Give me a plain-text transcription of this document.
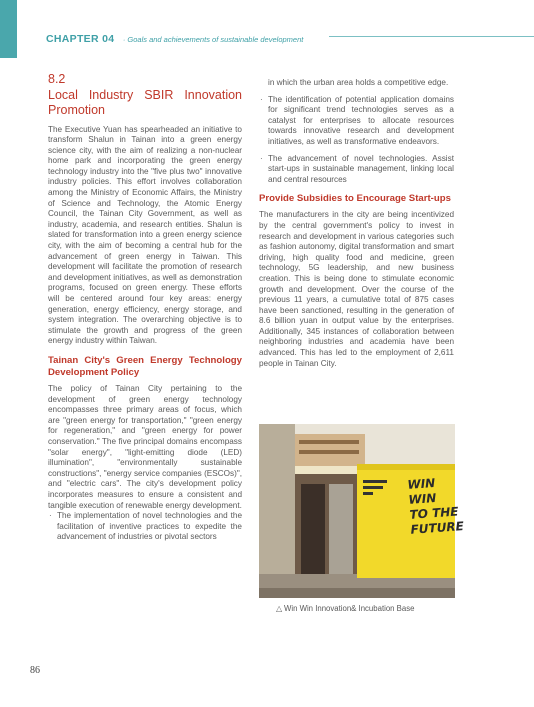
CHAPTER 04 · Goals and achievements of sustainable development
8.2
Local Industry SBIR Innovation Promotion

The Executive Yuan has spearheaded an initiative to transform Shalun in Tainan into a green energy science city, with the aim of realizing a non-nuclear home park and incorporating the green energy technology industry into the "five plus two" innovative industry policies. This effort involves collaboration among the Ministry of Economic Affairs, the Ministry of Science and Technology, the Atomic Energy Council, the Tainan City Government, as well as industry, academia, and research entities. Shalun is slated for transformation into a green energy science city, with the aim of becoming a central hub for the advancement of green energy in Taiwan. This development will facilitate the promotion of research and development initiatives, as well as demonstration programs, focused on green energy. These efforts will be centered around four key areas: energy generation, energy efficiency, energy storage, and system integration. The overarching objective is to stimulate the growth and progress of the green energy industry within Taiwan.

Tainan City's Green Energy Technology Development Policy

The policy of Tainan City pertaining to the development of green energy technology encompasses three primary areas of focus, which are "green energy for transportation," "green energy for regeneration," and "green energy for power conservation." The five principal domains encompass "solar energy", "light-emitting diode (LED) illumination", "environmentally sustainable constructions", "energy service companies (ESCOs)", and "electric cars". The city's development policy incorporates measures to ensure a consistent and tangible execution of renewable energy development.

· The implementation of novel technologies and the facilitation of inventive practices to expedite the advancement of industries or pivotal sectors

in which the urban area holds a competitive edge.

· The identification of potential application domains for significant trend technologies serves as a catalyst for enterprises to allocate resources towards innovative research and development initiatives, as well as transformative endeavors.

· The advancement of novel technologies. Assist start-ups in sustainable management, linking local and central resources

Provide Subsidies to Encourage Start-ups

The manufacturers in the city are being incentivized by the central government's policy to invest in research and development in various categories such as fashion autonomy, digital transformation and smart driving, high quality food and medicine, green technology, 5G leadership, and new business creation. This is being done to stimulate economic growth and development. Over the course of the previous 11 years, a cumulative total of 875 cases have been sanctioned, resulting in the generation of 8.6 billion yuan in output value by the enterprises. Additionally, 345 instances of collaboration between neighboring industries and academia have been advanced. This has led to the employment of 2,611 people in Tainan City.

WIN WIN
TO THE
FUTURE
△ Win Win Innovation& Incubation Base
86
